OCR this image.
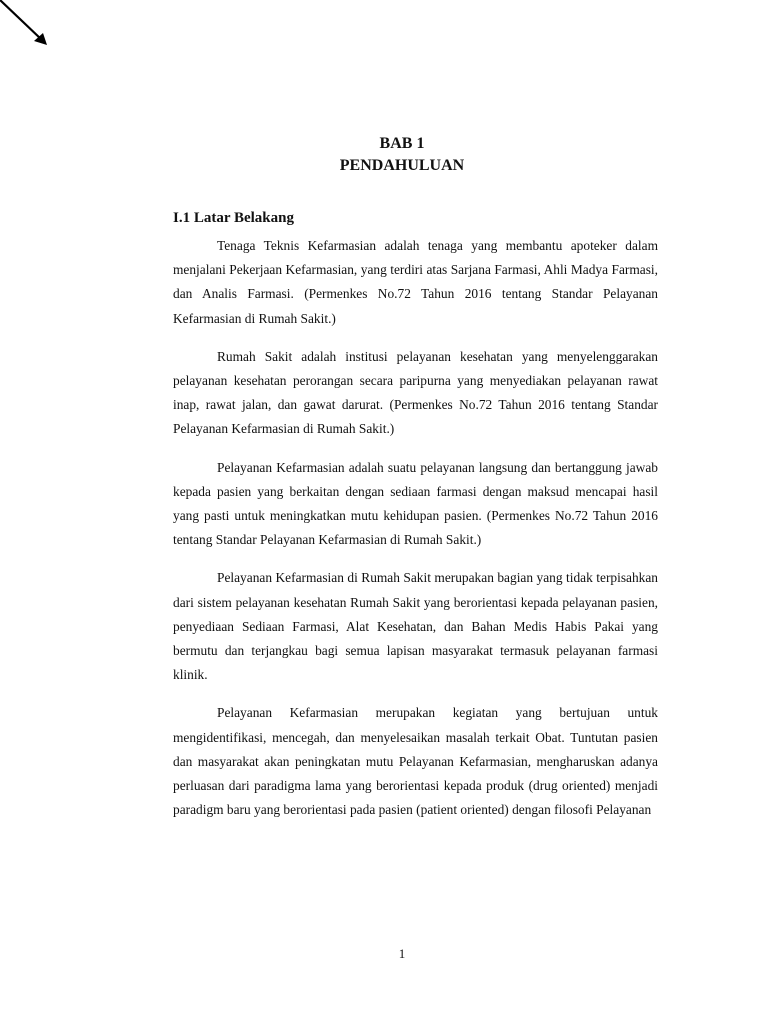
BAB 1
PENDAHULUAN
I.1 Latar Belakang

Tenaga Teknis Kefarmasian adalah tenaga yang membantu apoteker dalam menjalani Pekerjaan Kefarmasian, yang terdiri atas Sarjana Farmasi, Ahli Madya Farmasi, dan Analis Farmasi. (Permenkes No.72 Tahun 2016 tentang Standar Pelayanan Kefarmasian di Rumah Sakit.)

Rumah Sakit adalah institusi pelayanan kesehatan yang menyelenggarakan pelayanan kesehatan perorangan secara paripurna yang menyediakan pelayanan rawat inap, rawat jalan, dan gawat darurat. (Permenkes No.72 Tahun 2016 tentang Standar Pelayanan Kefarmasian di Rumah Sakit.)

Pelayanan Kefarmasian adalah suatu pelayanan langsung dan bertanggung jawab kepada pasien yang berkaitan dengan sediaan farmasi dengan maksud mencapai hasil yang pasti untuk meningkatkan mutu kehidupan pasien. (Permenkes No.72 Tahun 2016 tentang Standar Pelayanan Kefarmasian di Rumah Sakit.)

Pelayanan Kefarmasian di Rumah Sakit merupakan bagian yang tidak terpisahkan dari sistem pelayanan kesehatan Rumah Sakit yang berorientasi kepada pelayanan pasien, penyediaan Sediaan Farmasi, Alat Kesehatan, dan Bahan Medis Habis Pakai yang bermutu dan terjangkau bagi semua lapisan masyarakat termasuk pelayanan farmasi klinik.

Pelayanan Kefarmasian merupakan kegiatan yang bertujuan untuk mengidentifikasi, mencegah, dan menyelesaikan masalah terkait Obat. Tuntutan pasien dan masyarakat akan peningkatan mutu Pelayanan Kefarmasian, mengharuskan adanya perluasan dari paradigma lama yang berorientasi kepada produk (drug oriented) menjadi paradigm baru yang berorientasi pada pasien (patient oriented) dengan filosofi Pelayanan

1
